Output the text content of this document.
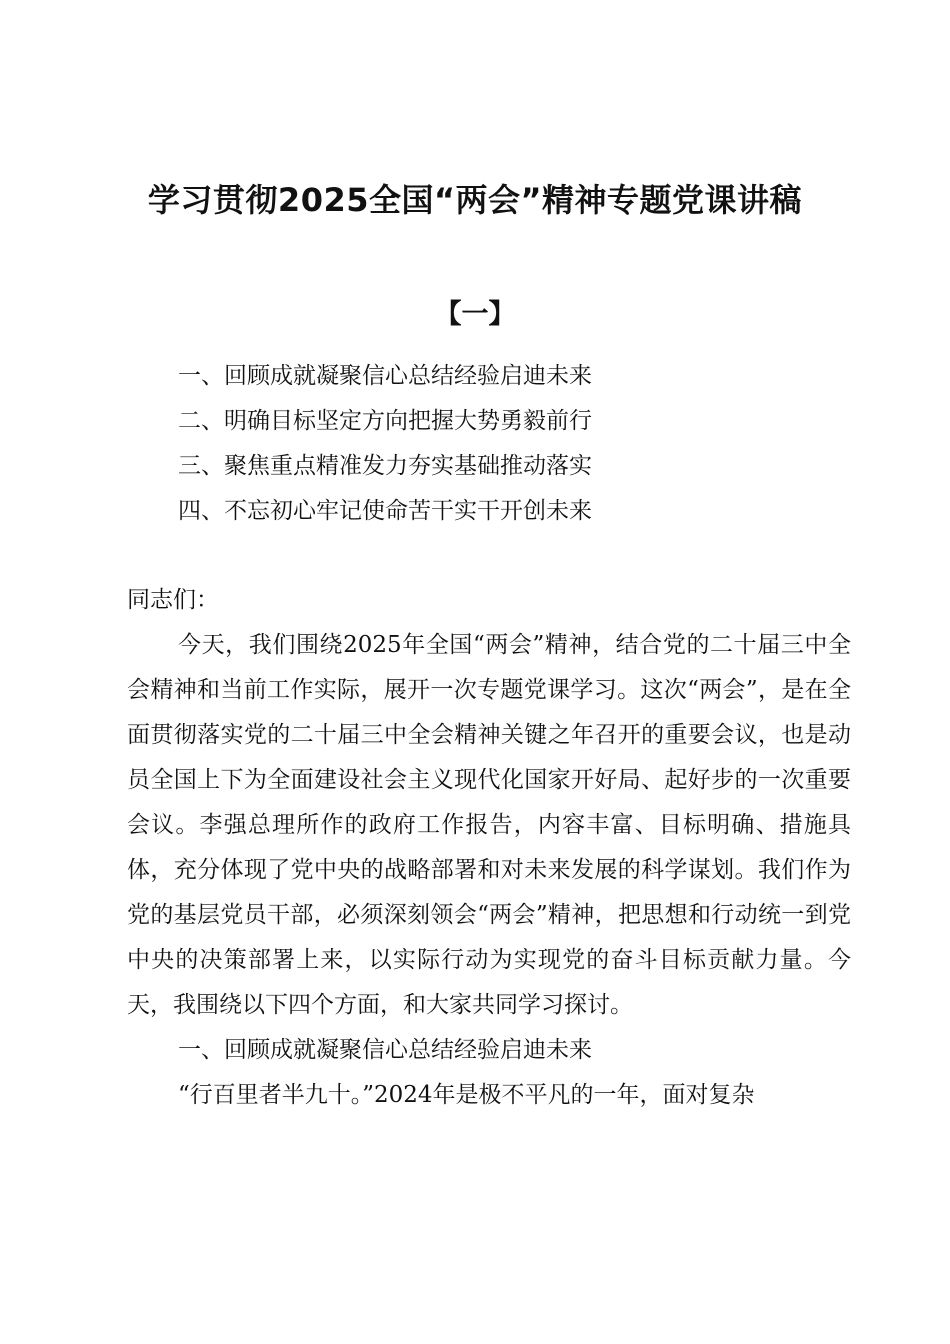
学习贯彻2025全国“两会”精神专题党课讲稿
【一】
一、回顾成就凝聚信心总结经验启迪未来
二、明确目标坚定方向把握大势勇毅前行
三、聚焦重点精准发力夯实基础推动落实
四、不忘初心牢记使命苦干实干开创未来

同志们：

今天，我们围绕2025年全国“两会”精神，结合党的二十届三中全会精神和当前工作实际，展开一次专题党课学习。这次“两会”，是在全面贯彻落实党的二十届三中全会精神关键之年召开的重要会议，也是动员全国上下为全面建设社会主义现代化国家开好局、起好步的一次重要会议。李强总理所作的政府工作报告，内容丰富、目标明确、措施具体，充分体现了党中央的战略部署和对未来发展的科学谋划。我们作为党的基层党员干部，必须深刻领会“两会”精神，把思想和行动统一到党中央的决策部署上来，以实际行动为实现党的奋斗目标贡献力量。今天，我围绕以下四个方面，和大家共同学习探讨。

一、回顾成就凝聚信心总结经验启迪未来

“行百里者半九十。”2024年是极不平凡的一年，面对复杂
